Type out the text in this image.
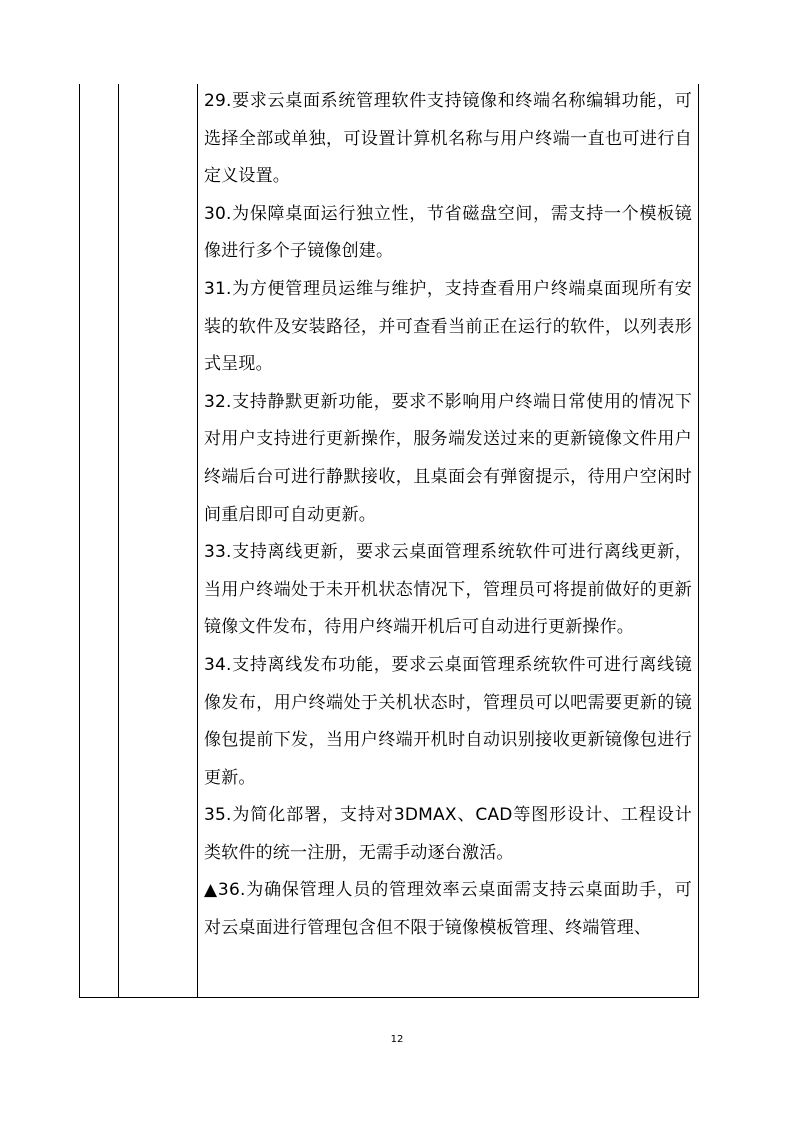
29.要求云桌面系统管理软件支持镜像和终端名称编辑功能，可选择全部或单独，可设置计算机名称与用户终端一直也可进行自定义设置。

30.为保障桌面运行独立性，节省磁盘空间，需支持一个模板镜像进行多个子镜像创建。

31.为方便管理员运维与维护，支持查看用户终端桌面现所有安装的软件及安装路径，并可查看当前正在运行的软件，以列表形式呈现。

32.支持静默更新功能，要求不影响用户终端日常使用的情况下对用户支持进行更新操作，服务端发送过来的更新镜像文件用户终端后台可进行静默接收，且桌面会有弹窗提示，待用户空闲时间重启即可自动更新。

33.支持离线更新，要求云桌面管理系统软件可进行离线更新，当用户终端处于未开机状态情况下，管理员可将提前做好的更新镜像文件发布，待用户终端开机后可自动进行更新操作。

34.支持离线发布功能，要求云桌面管理系统软件可进行离线镜像发布，用户终端处于关机状态时，管理员可以吧需要更新的镜像包提前下发，当用户终端开机时自动识别接收更新镜像包进行更新。

35.为简化部署，支持对3DMAX、CAD等图形设计、工程设计类软件的统一注册，无需手动逐台激活。

▲36.为确保管理人员的管理效率云桌面需支持云桌面助手，可对云桌面进行管理包含但不限于镜像模板管理、终端管理、

12
